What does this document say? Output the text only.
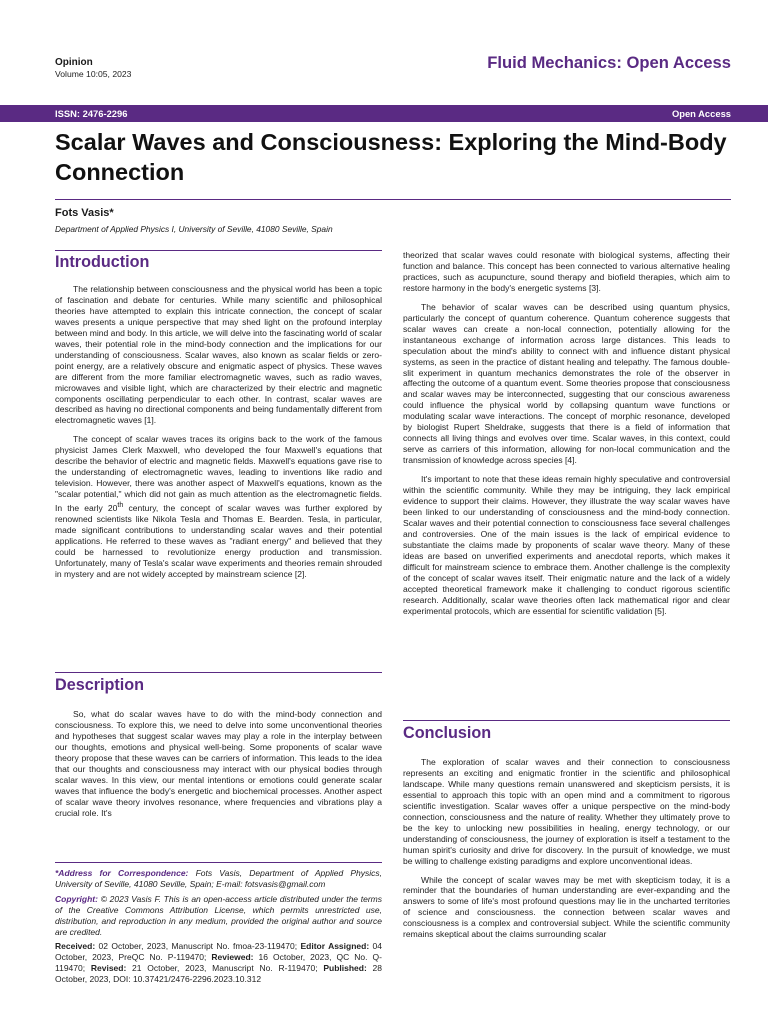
Opinion
Volume 10:05, 2023
Fluid Mechanics: Open Access
ISSN: 2476-2296	Open Access
Scalar Waves and Consciousness: Exploring the Mind-Body Connection
Fots Vasis*
Department of Applied Physics I, University of Seville, 41080 Seville, Spain
Introduction

The relationship between consciousness and the physical world has been a topic of fascination and debate for centuries. While many scientific and philosophical theories have attempted to explain this intricate connection, the concept of scalar waves presents a unique perspective that may shed light on the profound interplay between mind and body. In this article, we will delve into the fascinating world of scalar waves, their potential role in the mind-body connection and the implications for our understanding of consciousness. Scalar waves, also known as scalar fields or zero-point energy, are a relatively obscure and enigmatic aspect of physics. These waves are different from the more familiar electromagnetic waves, such as radio waves, microwaves and visible light, which are characterized by their electric and magnetic components oscillating perpendicular to each other. In contrast, scalar waves are described as having no directional components and being fundamentally different from electromagnetic waves [1].

The concept of scalar waves traces its origins back to the work of the famous physicist James Clerk Maxwell, who developed the four Maxwell's equations that describe the behavior of electric and magnetic fields. Maxwell's equations gave rise to the understanding of electromagnetic waves, leading to inventions like radio and television. However, there was another aspect of Maxwell's equations, known as the "scalar potential," which did not gain as much attention as the electromagnetic fields. In the early 20th century, the concept of scalar waves was further explored by renowned scientists like Nikola Tesla and Thomas E. Bearden. Tesla, in particular, made significant contributions to understanding scalar waves and their potential applications. He referred to these waves as "radiant energy" and believed that they could be harnessed to revolutionize energy production and transmission. Unfortunately, many of Tesla's scalar wave experiments and theories remain shrouded in mystery and are not widely accepted by mainstream science [2].

Description

So, what do scalar waves have to do with the mind-body connection and consciousness. To explore this, we need to delve into some unconventional theories and hypotheses that suggest scalar waves may play a role in the interplay between our thoughts, emotions and physical well-being. Some proponents of scalar wave theory propose that these waves can be carriers of information. This leads to the idea that our thoughts and consciousness may interact with our physical bodies through scalar waves. In this view, our mental intentions or emotions could generate scalar waves that influence the body's energetic and biochemical processes. Another aspect of scalar wave theory involves resonance, where frequencies and vibrations play a crucial role. It's

*Address for Correspondence: Fots Vasis, Department of Applied Physics, University of Seville, 41080 Seville, Spain; E-mail: fotsvasis@gmail.com

Copyright: © 2023 Vasis F. This is an open-access article distributed under the terms of the Creative Commons Attribution License, which permits unrestricted use, distribution, and reproduction in any medium, provided the original author and source are credited.

Received: 02 October, 2023, Manuscript No. fmoa-23-119470; Editor Assigned: 04 October, 2023, PreQC No. P-119470; Reviewed: 16 October, 2023, QC No. Q-119470; Revised: 21 October, 2023, Manuscript No. R-119470; Published: 28 October, 2023, DOI: 10.37421/2476-2296.2023.10.312

theorized that scalar waves could resonate with biological systems, affecting their function and balance. This concept has been connected to various alternative healing practices, such as acupuncture, sound therapy and biofield therapies, which aim to restore harmony in the body's energetic systems [3].

The behavior of scalar waves can be described using quantum physics, particularly the concept of quantum coherence. Quantum coherence suggests that scalar waves can create a non-local connection, potentially allowing for the instantaneous exchange of information across large distances. This leads to speculation about the mind's ability to connect with and influence distant physical systems, as seen in the practice of distant healing and telepathy. The famous double-slit experiment in quantum mechanics demonstrates the role of the observer in affecting the outcome of a quantum event. Some theories propose that consciousness and scalar waves may be interconnected, suggesting that our conscious awareness could influence the physical world by collapsing quantum wave functions or modulating scalar wave interactions. The concept of morphic resonance, developed by biologist Rupert Sheldrake, suggests that there is a field of information that connects all living things and evolves over time. Scalar waves, in this context, could serve as carriers of this information, allowing for non-local communication and the transmission of knowledge across species [4].

It's important to note that these ideas remain highly speculative and controversial within the scientific community. While they may be intriguing, they lack empirical evidence to support their claims. However, they illustrate the way scalar waves have been linked to our understanding of consciousness and the mind-body connection. Scalar waves and their potential connection to consciousness face several challenges and controversies. One of the main issues is the lack of empirical evidence to substantiate the claims made by proponents of scalar wave theory. Many of these ideas are based on unverified experiments and anecdotal reports, which makes it difficult for mainstream science to embrace them. Another challenge is the complexity of the concept of scalar waves itself. Their enigmatic nature and the lack of a widely accepted theoretical framework make it challenging to conduct rigorous scientific research. Additionally, scalar wave theories often lack mathematical rigor and clear experimental protocols, which are essential for scientific validation [5].

Conclusion

The exploration of scalar waves and their connection to consciousness represents an exciting and enigmatic frontier in the scientific and philosophical landscape. While many questions remain unanswered and skepticism persists, it is essential to approach this topic with an open mind and a commitment to rigorous scientific investigation. Scalar waves offer a unique perspective on the mind-body connection, consciousness and the nature of reality. Whether they ultimately prove to be the key to unlocking new possibilities in healing, energy technology, or our understanding of consciousness, the journey of exploration is itself a testament to the human spirit's curiosity and drive for discovery. In the pursuit of knowledge, we must be willing to challenge existing paradigms and explore unconventional ideas.

While the concept of scalar waves may be met with skepticism today, it is a reminder that the boundaries of human understanding are ever-expanding and the answers to some of life's most profound questions may lie in the uncharted territories of science and consciousness. the connection between scalar waves and consciousness is a complex and controversial subject. While the scientific community remains skeptical about the claims surrounding scalar
